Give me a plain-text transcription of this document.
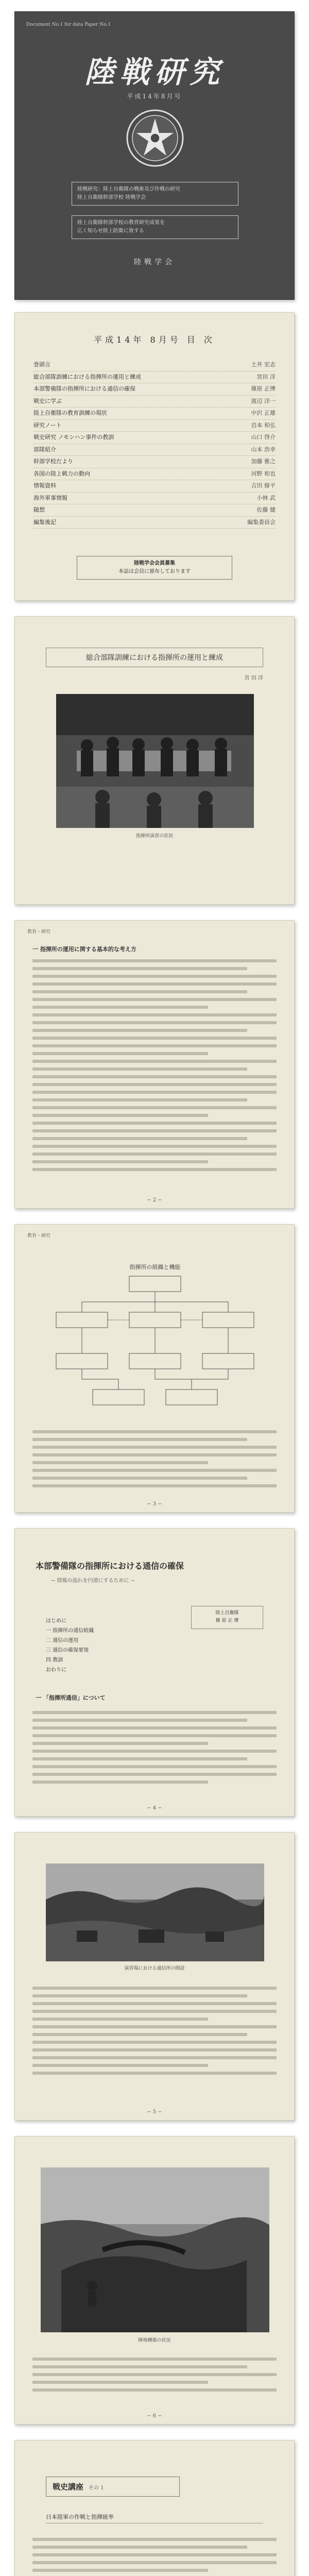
Document No.1 for data Paper No.1
陸戦研究
平成14年8月号
陸戦研究：陸上自衛隊の戦術及び作戦の研究
陸上自衛隊幹部学校 陸戦学会
陸上自衛隊幹部学校の教育研究成果を
広く知らせ陸上防衛に資する
陸戦学会
平成14年 8月号 目 次
巻頭言	土井 宏志
総合部隊訓練における指揮所の運用と練成	宮田 洋
本部警備隊の指揮所における通信の確保	篠原 正博
戦史に学ぶ	渡辺 洋一
陸上自衛隊の教育訓練の現状	中沢 正雄
研究ノート	岩本 和弘
戦史研究 ノモンハン事件の教訓	山口 啓介
部隊紹介	山本 浩幸
幹部学校だより	加藤 雅之
各国の陸上戦力の動向	河野 和也
情報資料	吉田 修平
海外軍事情報	小林 武
随想	佐藤 健
編集後記	編集委員会
陸戦学会会員募集
本誌は会員に頒布しております
総合部隊訓練における指揮所の運用と練成
宮 田 洋
指揮所演習の状況
教育・研究
一 指揮所の運用に関する基本的な考え方
− 2 −
教育・研究
指揮所の組織と機能
− 3 −
本部警備隊の指揮所における通信の確保
− 情報の流れを円滑にするために −
陸上自衛隊
篠 原 正 博
はじめに
一 指揮所の通信組織
二 通信の運用
三 通信の確保要領
四 教訓
おわりに
一 「指揮所通信」について
− 4 −
演習場における通信所の開設
− 5 −
陣地構築の状況
− 6 −
戦史講座 その 1
日本陸軍の作戦と指揮統率
